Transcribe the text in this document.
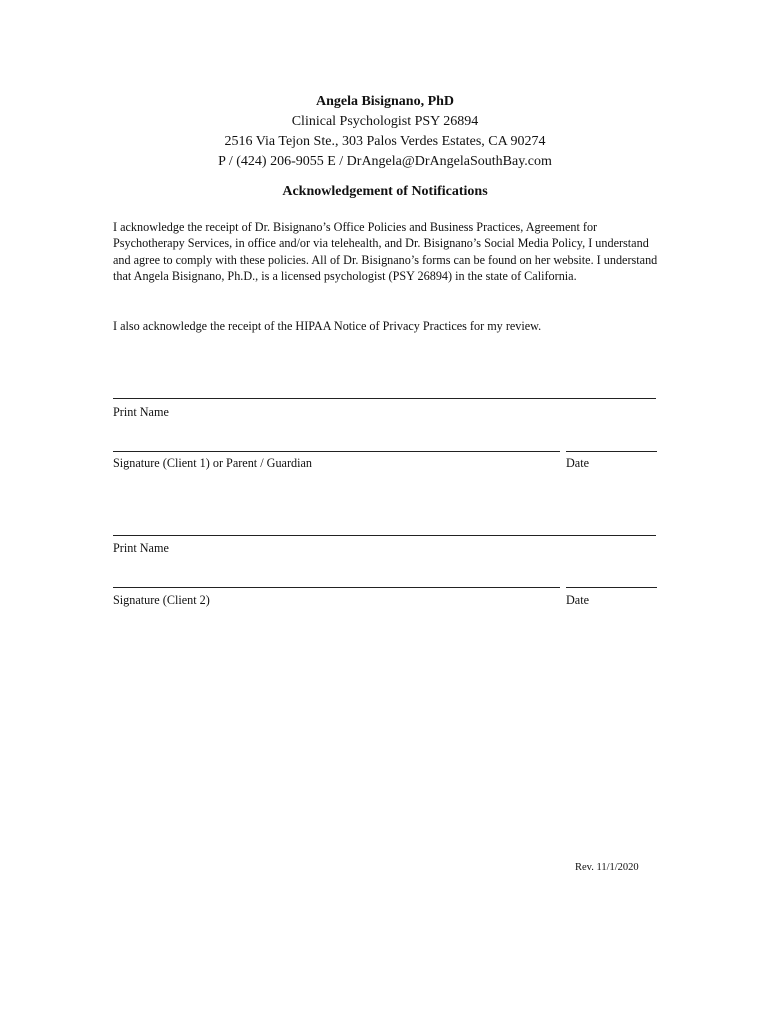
Angela Bisignano, PhD
Clinical Psychologist PSY 26894
2516 Via Tejon Ste., 303 Palos Verdes Estates, CA 90274
P / (424) 206-9055 E / DrAngela@DrAngelaSouthBay.com
Acknowledgement of Notifications

I acknowledge the receipt of Dr. Bisignano’s Office Policies and Business Practices, Agreement for Psychotherapy Services, in office and/or via telehealth, and Dr. Bisignano’s Social Media Policy, I understand and agree to comply with these policies. All of Dr. Bisignano’s forms can be found on her website. I understand that Angela Bisignano, Ph.D., is a licensed psychologist (PSY 26894) in the state of California.

I also acknowledge the receipt of the HIPAA Notice of Privacy Practices for my review.

Print Name
Signature (Client 1) or Parent / Guardian	Date
Print Name
Signature (Client 2)	Date
Rev. 11/1/2020
